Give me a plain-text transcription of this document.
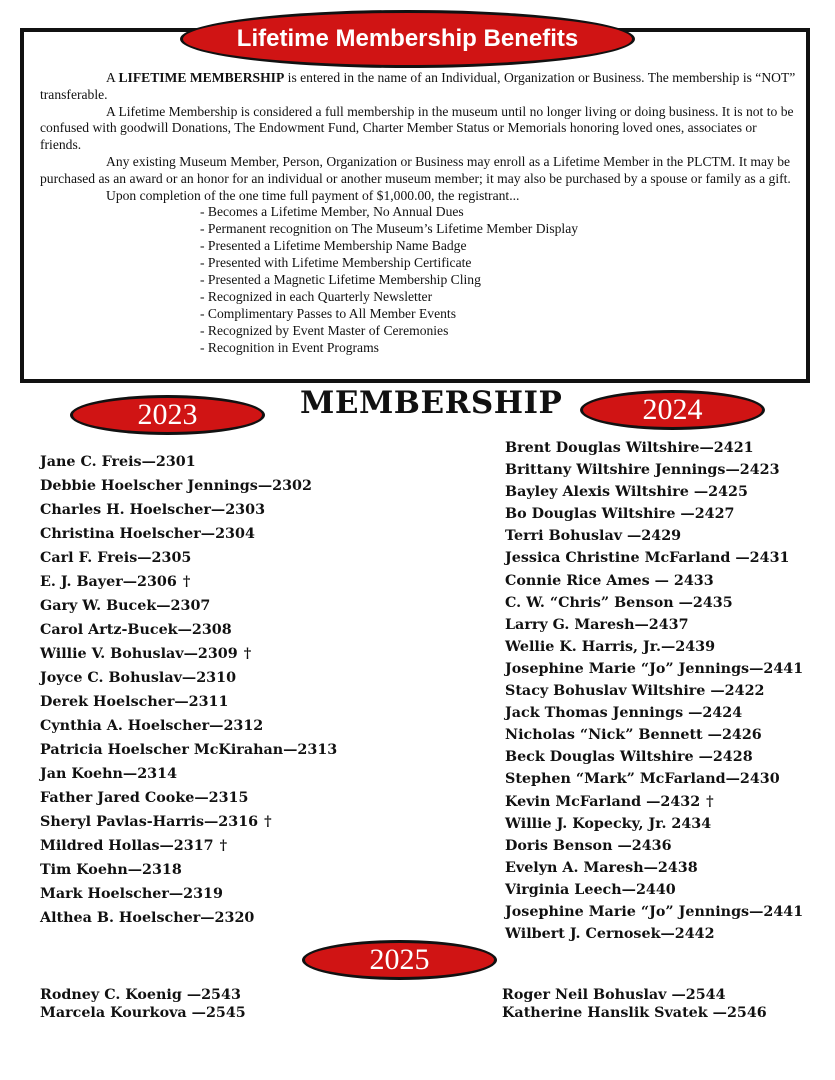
Lifetime Membership Benefits

A LIFETIME MEMBERSHIP is entered in the name of an Individual, Organization or Business. The membership is “NOT” transferable.

A Lifetime Membership is considered a full membership in the museum until no longer living or doing business. It is not to be confused with goodwill Donations, The Endowment Fund, Charter Member Status or Memorials honoring loved ones, associates or friends.

Any existing Museum Member, Person, Organization or Business may enroll as a Lifetime Member in the PLCTM. It may be purchased as an award or an honor for an individual or another museum member; it may also be purchased by a spouse or family as a gift.

Upon completion of the one time full payment of $1,000.00, the registrant...

- Becomes a Lifetime Member, No Annual Dues
- Permanent recognition on The Museum’s Lifetime Member Display
- Presented a Lifetime Membership Name Badge
- Presented with Lifetime Membership Certificate
- Presented a Magnetic Lifetime Membership Cling
- Recognized in each Quarterly Newsletter
- Complimentary Passes to All Member Events
- Recognized by Event Master of Ceremonies
- Recognition in Event Programs
MEMBERSHIP
2023	2024
2025
Jane C. Freis—2301
Debbie Hoelscher Jennings—2302
Charles H. Hoelscher—2303
Christina Hoelscher—2304
Carl F. Freis—2305
E. J. Bayer—2306 †
Gary W. Bucek—2307
Carol Artz-Bucek—2308
Willie V. Bohuslav—2309 †
Joyce C. Bohuslav—2310
Derek Hoelscher—2311
Cynthia A. Hoelscher—2312
Patricia Hoelscher McKirahan—2313
Jan Koehn—2314
Father Jared Cooke—2315
Sheryl Pavlas-Harris—2316 †
Mildred Hollas—2317 †
Tim Koehn—2318
Mark Hoelscher—2319
Althea B. Hoelscher—2320
Brent Douglas Wiltshire—2421
Brittany Wiltshire Jennings—2423
Bayley Alexis Wiltshire —2425
Bo Douglas Wiltshire —2427
Terri Bohuslav —2429
Jessica Christine McFarland —2431
Connie Rice Ames — 2433
C. W. “Chris” Benson —2435
Larry G. Maresh—2437
Wellie K. Harris, Jr.—2439
Josephine Marie “Jo” Jennings—2441
Stacy Bohuslav Wiltshire —2422
Jack Thomas Jennings —2424
Nicholas “Nick” Bennett —2426
Beck Douglas Wiltshire —2428
Stephen “Mark” McFarland—2430
Kevin McFarland —2432 †
Willie J. Kopecky, Jr. 2434
Doris Benson —2436
Evelyn A. Maresh—2438
Virginia Leech—2440
Josephine Marie “Jo” Jennings—2441
Wilbert J. Cernosek—2442
Rodney C. Koenig —2543
Marcela Kourkova —2545
Roger Neil Bohuslav —2544
Katherine Hanslik Svatek —2546
